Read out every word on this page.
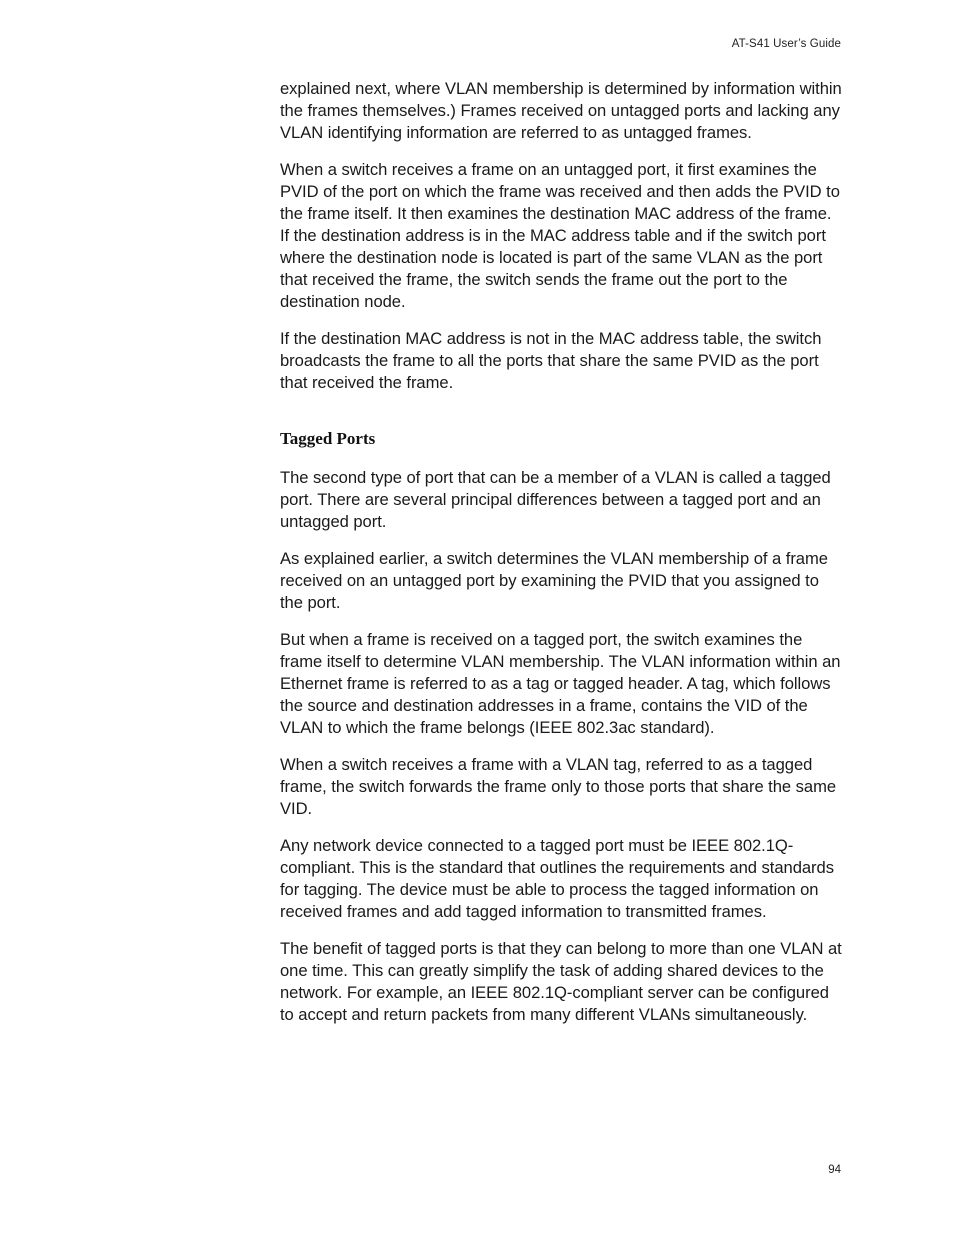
AT-S41 User’s Guide

explained next, where VLAN membership is determined by information within the frames themselves.) Frames received on untagged ports and lacking any VLAN identifying information are referred to as untagged frames.

When a switch receives a frame on an untagged port, it first examines the PVID of the port on which the frame was received and then adds the PVID to the frame itself. It then examines the destination MAC address of the frame. If the destination address is in the MAC address table and if the switch port where the destination node is located is part of the same VLAN as the port that received the frame, the switch sends the frame out the port to the destination node.

If the destination MAC address is not in the MAC address table, the switch broadcasts the frame to all the ports that share the same PVID as the port that received the frame.

Tagged Ports

The second type of port that can be a member of a VLAN is called a tagged port. There are several principal differences between a tagged port and an untagged port.

As explained earlier, a switch determines the VLAN membership of a frame received on an untagged port by examining the PVID that you assigned to the port.

But when a frame is received on a tagged port, the switch examines the frame itself to determine VLAN membership. The VLAN information within an Ethernet frame is referred to as a tag or tagged header. A tag, which follows the source and destination addresses in a frame, contains the VID of the VLAN to which the frame belongs (IEEE 802.3ac standard).

When a switch receives a frame with a VLAN tag, referred to as a tagged frame, the switch forwards the frame only to those ports that share the same VID.

Any network device connected to a tagged port must be IEEE 802.1Q-compliant. This is the standard that outlines the requirements and standards for tagging. The device must be able to process the tagged information on received frames and add tagged information to transmitted frames.

The benefit of tagged ports is that they can belong to more than one VLAN at one time. This can greatly simplify the task of adding shared devices to the network. For example, an IEEE 802.1Q-compliant server can be configured to accept and return packets from many different VLANs simultaneously.

94
